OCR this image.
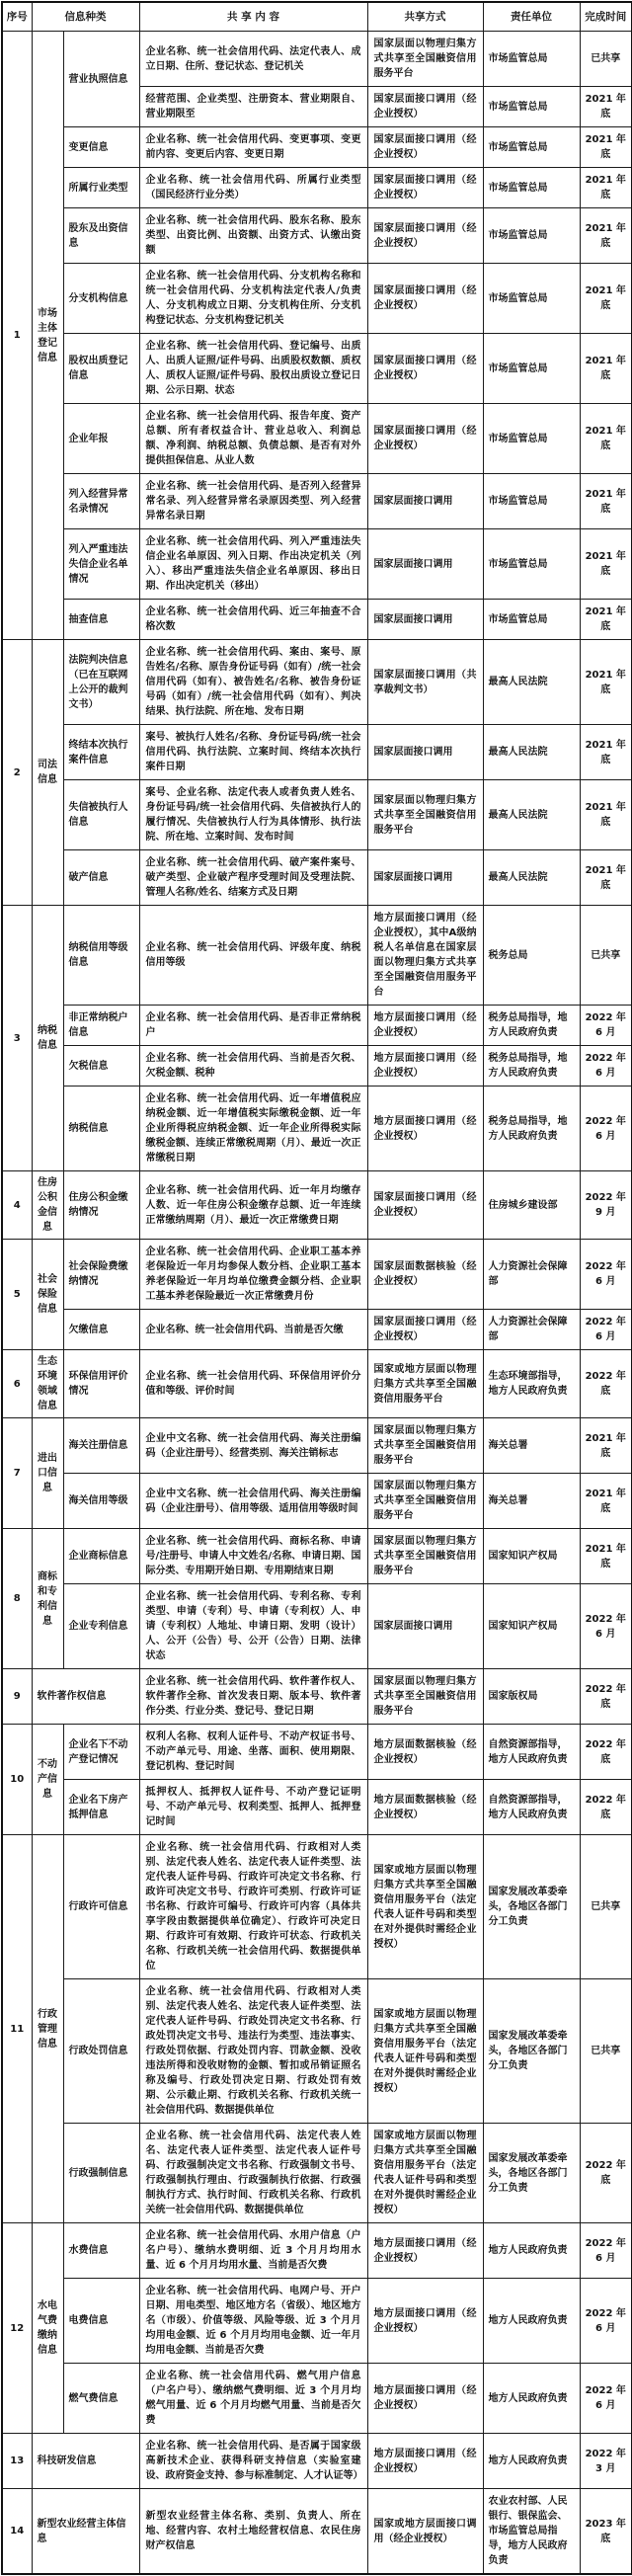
序号	信息种类		共 享 内 容	共享方式	责任单位	完成时间
1	市场主体登记信息	营业执照信息	企业名称、统一社会信用代码、法定代表人、成立日期、住所、登记状态、登记机关	国家层面以物理归集方式共享至全国融资信用服务平台	市场监管总局	已共享
			经营范围、企业类型、注册资本、营业期限自、营业期限至	国家层面接口调用（经企业授权）	市场监管总局	2021 年底
		变更信息	企业名称、统一社会信用代码、变更事项、变更前内容、变更后内容、变更日期	国家层面接口调用（经企业授权）	市场监管总局	2021 年底
		所属行业类型	企业名称、统一社会信用代码、所属行业类型（国民经济行业分类）	国家层面接口调用（经企业授权）	市场监管总局	2021 年底
		股东及出资信息	企业名称、统一社会信用代码、股东名称、股东类型、出资比例、出资额、出资方式、认缴出资额	国家层面接口调用（经企业授权）	市场监管总局	2021 年底
		分支机构信息	企业名称、统一社会信用代码、分支机构名称和统一社会信用代码、分支机构法定代表人/负责人、分支机构成立日期、分支机构住所、分支机构登记状态、分支机构登记机关	国家层面接口调用（经企业授权）	市场监管总局	2021 年底
		股权出质登记信息	企业名称、统一社会信用代码、登记编号、出质人、出质人证照/证件号码、出质股权数额、质权人、质权人证照/证件号码、股权出质设立登记日期、公示日期、状态	国家层面接口调用（经企业授权）	市场监管总局	2021 年底
		企业年报	企业名称、统一社会信用代码、报告年度、资产总额、所有者权益合计、营业总收入、利润总额、净利润、纳税总额、负债总额、是否有对外提供担保信息、从业人数	国家层面接口调用（经企业授权）	市场监管总局	2021 年底
		列入经营异常名录情况	企业名称、统一社会信用代码、是否列入经营异常名录、列入经营异常名录原因类型、列入经营异常名录日期	国家层面接口调用	市场监管总局	2021 年底
		列入严重违法失信企业名单情况	企业名称、统一社会信用代码、列入严重违法失信企业名单原因、列入日期、作出决定机关（列入）、移出严重违法失信企业名单原因、移出日期、作出决定机关（移出）	国家层面接口调用	市场监管总局	2021 年底
		抽查信息	企业名称、统一社会信用代码、近三年抽查不合格次数	国家层面接口调用	市场监管总局	2021 年底
2	司法信息	法院判决信息（已在互联网上公开的裁判文书）	企业名称、统一社会信用代码、案由、案号、原告姓名/名称、原告身份证号码（如有）/统一社会信用代码（如有）、被告姓名/名称、被告身份证号码（如有）/统一社会信用代码（如有）、判决结果、执行法院、所在地、发布日期	国家层面接口调用（共享裁判文书）	最高人民法院	2021 年底
		终结本次执行案件信息	案号、被执行人姓名/名称、身份证号码/统一社会信用代码、执行法院、立案时间、终结本次执行案件日期	国家层面接口调用	最高人民法院	2021 年底
		失信被执行人信息	案号、企业名称、法定代表人或者负责人姓名、身份证号码/统一社会信用代码、失信被执行人的履行情况、失信被执行人行为具体情形、执行法院、所在地、立案时间、发布时间	国家层面以物理归集方式共享至全国融资信用服务平台	最高人民法院	2021 年底
		破产信息	企业名称、统一社会信用代码、破产案件案号、破产类型、企业破产程序受理时间及受理法院、管理人名称/姓名、结案方式及日期	国家层面接口调用	最高人民法院	2021 年底
3	纳税信息	纳税信用等级信息	企业名称、统一社会信用代码、评级年度、纳税信用等级	地方层面接口调用（经企业授权），其中A级纳税人名单信息在国家层面以物理归集方式共享至全国融资信用服务平台	税务总局	已共享
		非正常纳税户信息	企业名称、统一社会信用代码、是否非正常纳税户	地方层面接口调用（经企业授权）	税务总局指导，地方人民政府负责	2022 年 6 月
		欠税信息	企业名称、统一社会信用代码、当前是否欠税、欠税金额、税种	地方层面接口调用（经企业授权）	税务总局指导，地方人民政府负责	2022 年 6 月
		纳税信息	企业名称、统一社会信用代码、近一年增值税应纳税金额、近一年增值税实际缴税金额、近一年企业所得税应纳税金额、近一年企业所得税实际缴税金额、连续正常缴税周期（月）、最近一次正常缴税日期	地方层面接口调用（经企业授权）	税务总局指导，地方人民政府负责	2022 年 6 月
4	住房公积金信息	住房公积金缴纳情况	企业名称、统一社会信用代码、近一年月均缴存人数、近一年住房公积金缴存总额、近一年连续正常缴纳周期（月）、最近一次正常缴费日期	国家层面接口调用（经企业授权）	住房城乡建设部	2022 年 9 月
5	社会保险信息	社会保险费缴纳情况	企业名称、统一社会信用代码、企业职工基本养老保险近一年月均参保人数分档、企业职工基本养老保险近一年月均单位缴费金额分档、企业职工基本养老保险最近一次正常缴费月份	国家层面数据核验（经企业授权）	人力资源社会保障部	2022 年 6 月
		欠缴信息	企业名称、统一社会信用代码、当前是否欠缴	国家层面接口调用（经企业授权）	人力资源社会保障部	2022 年 6 月
6	生态环境领域信息	环保信用评价情况	企业名称、统一社会信用代码、环保信用评价分值和等级、评价时间	国家或地方层面以物理归集方式共享至全国融资信用服务平台	生态环境部指导，地方人民政府负责	2022 年底
7	进出口信息	海关注册信息	企业中文名称、统一社会信用代码、海关注册编码（企业注册号）、经营类别、海关注销标志	国家层面以物理归集方式共享至全国融资信用服务平台	海关总署	2021 年底
		海关信用等级	企业中文名称、统一社会信用代码、海关注册编码（企业注册号）、信用等级、适用信用等级时间	国家层面以物理归集方式共享至全国融资信用服务平台	海关总署	2021 年底
8	商标和专利信息	企业商标信息	企业名称、统一社会信用代码、商标名称、申请号/注册号、申请人中文姓名/名称、申请日期、国际分类、专用期开始日期、专用期结束日期	国家层面以物理归集方式共享至全国融资信用服务平台	国家知识产权局	2021 年底
		企业专利信息	企业名称、统一社会信用代码、专利名称、专利类型、申请（专利）号、申请（专利权）人、申请（专利权）人地址、申请日期、发明（设计）人、公开（公告）号、公开（公告）日期、法律状态	国家层面接口调用	国家知识产权局	2022 年 6 月
9	软件著作权信息		企业名称、统一社会信用代码、软件著作权人、软件著作全称、首次发表日期、版本号、软件著作分类、行业分类、登记号、登记日期	国家层面以物理归集方式共享至全国融资信用服务平台	国家版权局	2022 年底
10	不动产信息	企业名下不动产登记情况	权利人名称、权利人证件号、不动产权证书号、不动产单元号、用途、坐落、面积、使用期限、登记机构、登记时间	地方层面数据核验（经企业授权）	自然资源部指导，地方人民政府负责	2022 年底
		企业名下房产抵押信息	抵押权人、抵押权人证件号、不动产登记证明号、不动产单元号、权利类型、抵押人、抵押登记时间	地方层面数据核验（经企业授权）	自然资源部指导，地方人民政府负责	2022 年底
11	行政管理信息	行政许可信息	企业名称、统一社会信用代码、行政相对人类别、法定代表人姓名、法定代表人证件类型、法定代表人证件号码、行政许可决定文书名称、行政许可决定文书号、行政许可类别、行政许可证书名称、行政许可编号、行政许可内容（具体共享字段由数据提供单位确定）、行政许可决定日期、行政许可有效期、行政许可状态、行政机关名称、行政机关统一社会信用代码、数据提供单位	国家或地方层面以物理归集方式共享至全国融资信用服务平台（法定代表人证件号码和类型在对外提供时需经企业授权）	国家发展改革委牵头，各地区各部门分工负责	已共享
		行政处罚信息	企业名称、统一社会信用代码、行政相对人类别、法定代表人姓名、法定代表人证件类型、法定代表人证件号码、行政处罚决定文书名称、行政处罚决定文书号、违法行为类型、违法事实、行政处罚依据、行政处罚内容、罚款金额、没收违法所得和没收财物的金额、暂扣或吊销证照名称及编号、行政处罚决定日期、行政处罚有效期、公示截止期、行政机关名称、行政机关统一社会信用代码、数据提供单位	国家或地方层面以物理归集方式共享至全国融资信用服务平台（法定代表人证件号码和类型在对外提供时需经企业授权）	国家发展改革委牵头，各地区各部门分工负责	已共享
		行政强制信息	企业名称、统一社会信用代码、法定代表人姓名、法定代表人证件类型、法定代表人证件号码、行政强制决定文书名称、行政强制文书号、行政强制执行理由、行政强制执行依据、行政强制执行方式、执行时间、行政机关名称、行政机关统一社会信用代码、数据提供单位	国家或地方层面以物理归集方式共享至全国融资信用服务平台（法定代表人证件号码和类型在对外提供时需经企业授权）	国家发展改革委牵头，各地区各部门分工负责	2022 年底
12	水电气费缴纳信息	水费信息	企业名称、统一社会信用代码、水用户信息（户名户号）、缴纳水费明细、近 3 个月月均用水量、近 6 个月月均用水量、当前是否欠费	地方层面接口调用（经企业授权）	地方人民政府负责	2022 年 6 月
		电费信息	企业名称、统一社会信用代码、电网户号、开户日期、用电类型、地区地方名（省级）、地区地方名（市级）、价值等级、风险等级、近 3 个月月均用电金额、近 6 个月月均用电金额、近一年月均用电金额、当前是否欠费	地方层面接口调用（经企业授权）	地方人民政府负责	2022 年 6 月
		燃气费信息	企业名称、统一社会信用代码、燃气用户信息（户名户号）、缴纳燃气费明细、近 3 个月月均燃气用量、近 6 个月月均燃气用量、当前是否欠费	地方层面接口调用（经企业授权）	地方人民政府负责	2022 年 6 月
13	科技研发信息		企业名称、统一社会信用代码、是否属于国家级高新技术企业、获得科研支持信息（实验室建设、政府资金支持、参与标准制定、人才认证等）	地方层面接口调用（经企业授权）	地方人民政府负责	2022 年 3 月
14	新型农业经营主体信息		新型农业经营主体名称、类别、负责人、所在地、经营内容、农村土地经营权信息、农民住房财产权信息	国家或地方层面接口调用（经企业授权）	农业农村部、人民银行、银保监会、市场监管总局指导，地方人民政府负责	2023 年底
